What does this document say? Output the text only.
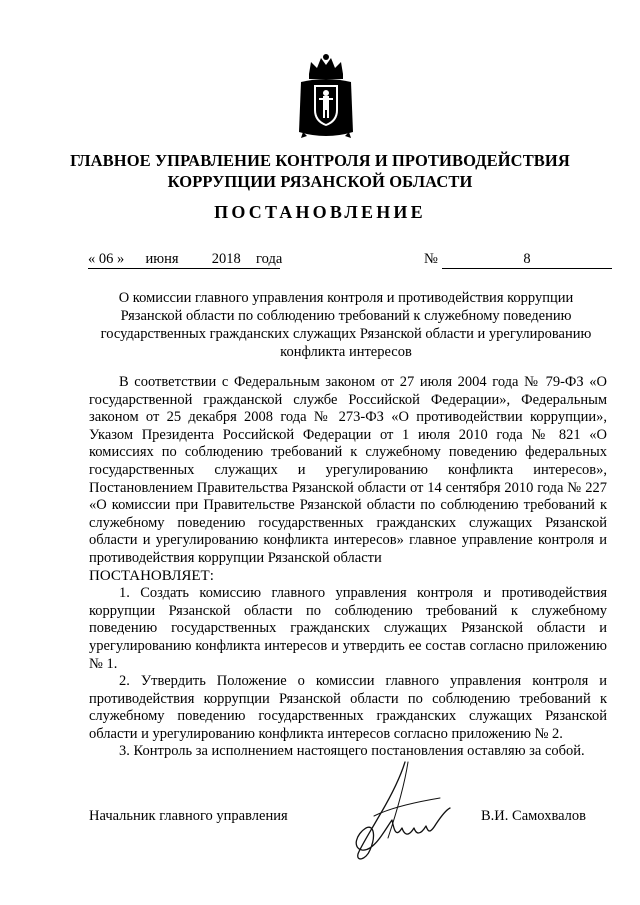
ГЛАВНОЕ УПРАВЛЕНИЕ КОНТРОЛЯ И ПРОТИВОДЕЙСТВИЯ
КОРРУПЦИИ РЯЗАНСКОЙ ОБЛАСТИ
ПОСТАНОВЛЕНИЕ
« 06 » июня 2018 года	№	8
О комиссии главного управления контроля и противодействия коррупции
Рязанской области по соблюдению требований к служебному поведению
государственных гражданских служащих Рязанской области и урегулированию
конфликта интересов

В соответствии с Федеральным законом от 27 июля 2004 года № 79-ФЗ «О государственной гражданской службе Российской Федерации», Федеральным законом от 25 декабря 2008 года № 273-ФЗ «О противодействии коррупции», Указом Президента Российской Федерации от 1 июля 2010 года № 821 «О комиссиях по соблюдению требований к служебному поведению федеральных государственных служащих и урегулированию конфликта интересов», Постановлением Правительства Рязанской области от 14 сентября 2010 года № 227 «О комиссии при Правительстве Рязанской области по соблюдению требований к служебному поведению государственных гражданских служащих Рязанской области и урегулированию конфликта интересов» главное управление контроля и противодействия коррупции Рязанской области

ПОСТАНОВЛЯЕТ:

1. Создать комиссию главного управления контроля и противодействия коррупции Рязанской области по соблюдению требований к служебному поведению государственных гражданских служащих Рязанской области и урегулированию конфликта интересов и утвердить ее состав согласно приложению № 1.

2. Утвердить Положение о комиссии главного управления контроля и противодействия коррупции Рязанской области по соблюдению требований к служебному поведению государственных гражданских служащих Рязанской области и урегулированию конфликта интересов согласно приложению № 2.

3. Контроль за исполнением настоящего постановления оставляю за собой.

Начальник главного управления	В.И. Самохвалов
